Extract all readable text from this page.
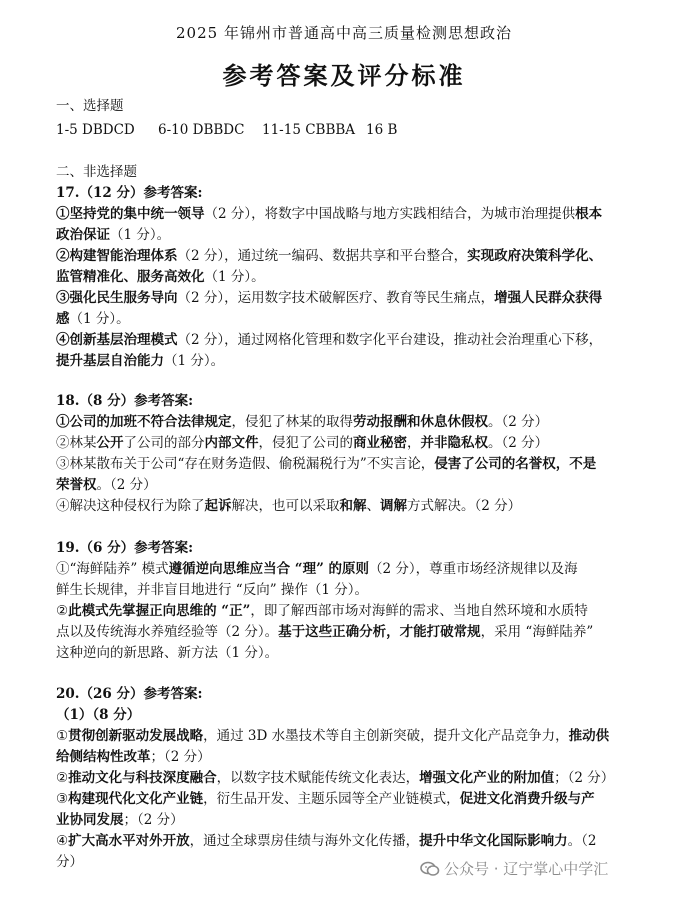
2025 年锦州市普通高中高三质量检测思想政治
参考答案及评分标准
一、选择题
1-5 DBDCD 6-10 DBBDC 11-15 CBBBA 16 B
二、非选择题
17.（12 分）参考答案:
①坚持党的集中统一领导（2 分），将数字中国战略与地方实践相结合，为城市治理提供根本
政治保证（1 分）。
②构建智能治理体系（2 分），通过统一编码、数据共享和平台整合，实现政府决策科学化、
监管精准化、服务高效化（1 分）。
③强化民生服务导向（2 分），运用数字技术破解医疗、教育等民生痛点，增强人民群众获得
感（1 分）。
④创新基层治理模式（2 分），通过网格化管理和数字化平台建设，推动社会治理重心下移，
提升基层自治能力（1 分）。
18.（8 分）参考答案:
①公司的加班不符合法律规定，侵犯了林某的取得劳动报酬和休息休假权。（2 分）
②林某公开了公司的部分内部文件，侵犯了公司的商业秘密，并非隐私权。（2 分）
③林某散布关于公司“存在财务造假、偷税漏税行为”不实言论，侵害了公司的名誉权，不是
荣誉权。（2 分）
④解决这种侵权行为除了起诉解决，也可以采取和解、调解方式解决。（2 分）
19.（6 分）参考答案:
①“海鲜陆养” 模式遵循逆向思维应当合 “理” 的原则（2 分），尊重市场经济规律以及海
鲜生长规律，并非盲目地进行 “反向” 操作（1 分）。
②此模式先掌握正向思维的 “正”，即了解西部市场对海鲜的需求、当地自然环境和水质特
点以及传统海水养殖经验等（2 分）。基于这些正确分析，才能打破常规，采用 “海鲜陆养”
这种逆向的新思路、新方法（1 分）。
20.（26 分）参考答案:
（1）（8 分）
①贯彻创新驱动发展战略，通过 3D 水墨技术等自主创新突破，提升文化产品竞争力，推动供
给侧结构性改革；（2 分）
②推动文化与科技深度融合，以数字技术赋能传统文化表达，增强文化产业的附加值；（2 分）
③构建现代化文化产业链，衍生品开发、主题乐园等全产业链模式，促进文化消费升级与产
业协同发展；（2 分）
④扩大高水平对外开放，通过全球票房佳绩与海外文化传播，提升中华文化国际影响力。（2
分）	公众号 · 辽宁掌心中学汇
